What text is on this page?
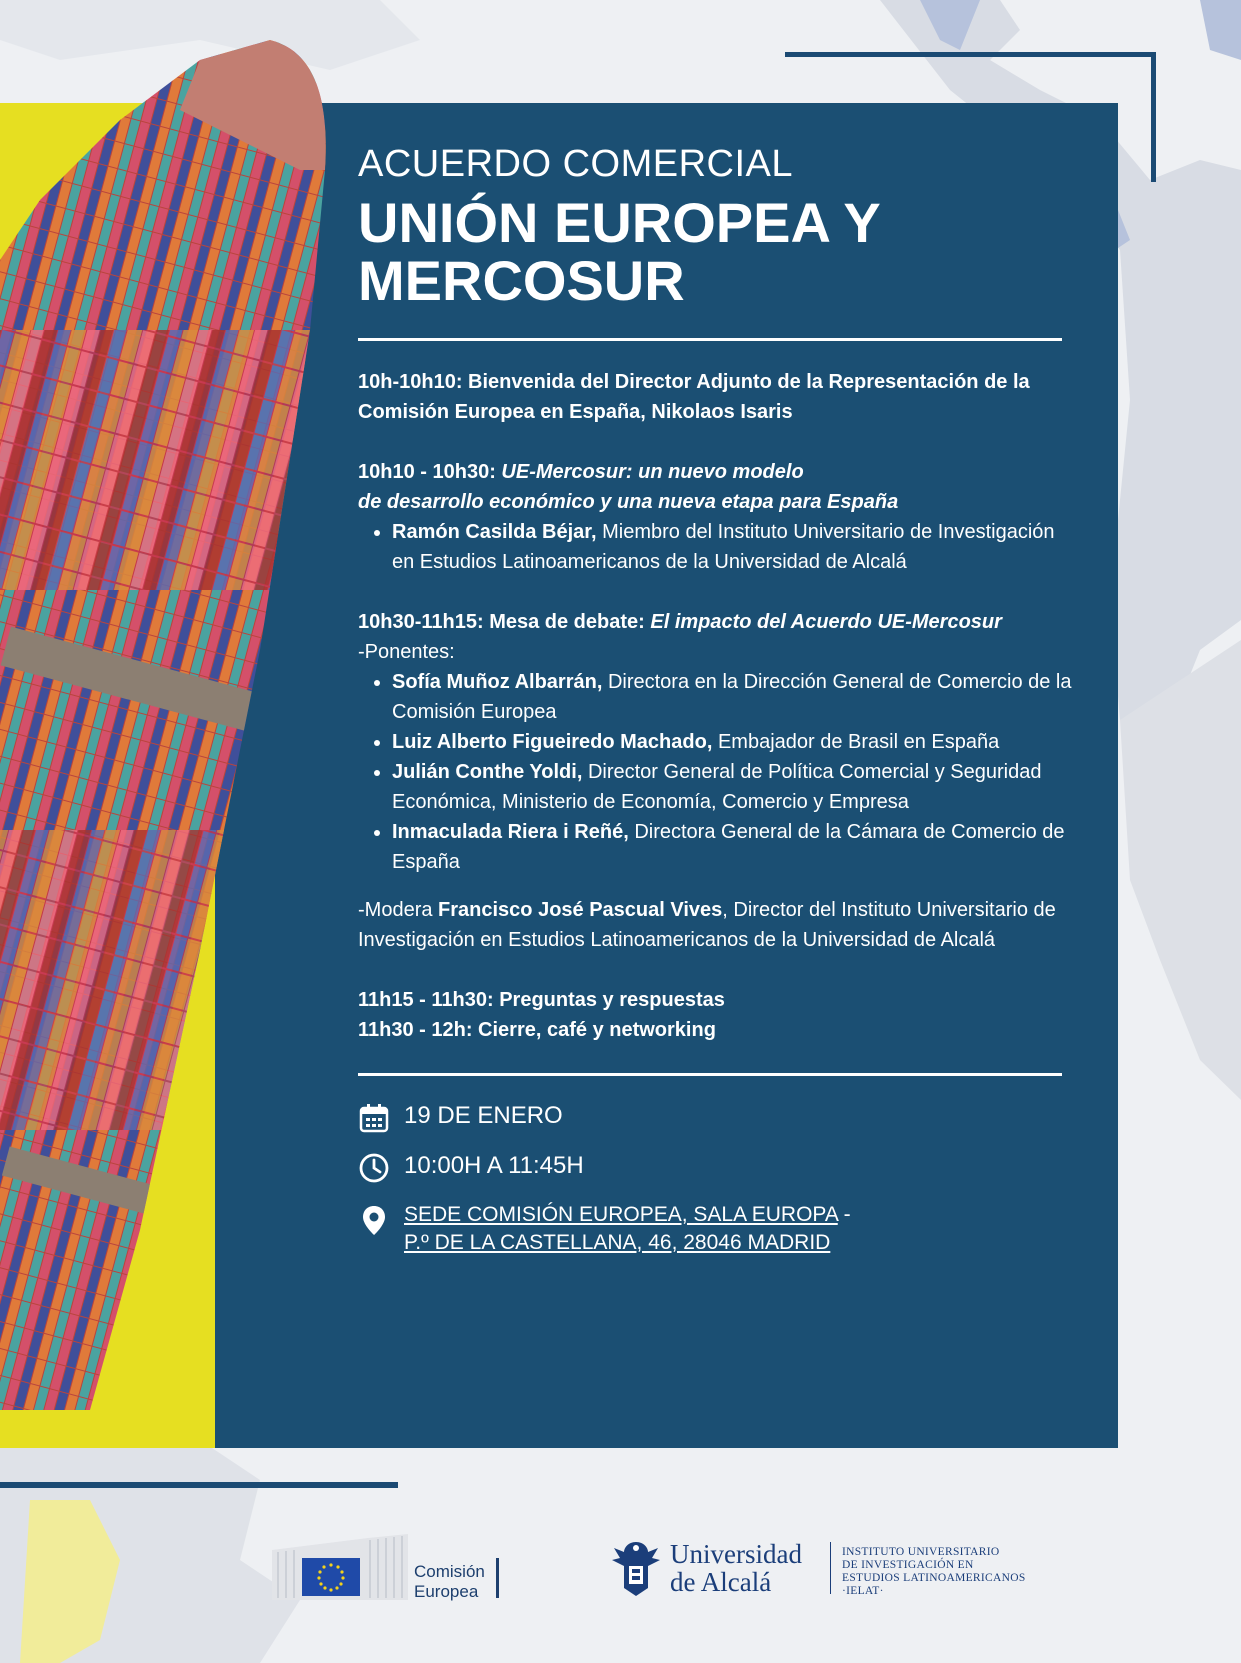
ACUERDO COMERCIAL
UNIÓN EUROPEA Y
MERCOSUR

10h-10h10: Bienvenida del Director Adjunto de la Representación de la Comisión Europea en España, Nikolaos Isaris

10h10 - 10h30: UE-Mercosur: un nuevo modelo
de desarrollo económico y una nueva etapa para España

• Ramón Casilda Béjar, Miembro del Instituto Universitario de Investigación en Estudios Latinoamericanos de la Universidad de Alcalá

10h30-11h15: Mesa de debate: El impacto del Acuerdo UE-Mercosur

-Ponentes:

• Sofía Muñoz Albarrán, Directora en la Dirección General de Comercio de la Comisión Europea
• Luiz Alberto Figueiredo Machado, Embajador de Brasil en España
• Julián Conthe Yoldi, Director General de Política Comercial y Seguridad Económica, Ministerio de Economía, Comercio y Empresa
• Inmaculada Riera i Reñé, Directora General de la Cámara de Comercio de España

-Modera Francisco José Pascual Vives, Director del Instituto Universitario de Investigación en Estudios Latinoamericanos de la Universidad de Alcalá

11h15 - 11h30: Preguntas y respuestas

11h30 - 12h: Cierre, café y networking

19 DE ENERO
10:00H A 11:45H
SEDE COMISIÓN EUROPEA, SALA EUROPA -
P.º DE LA CASTELLANA, 46, 28046 MADRID
Comisión
Europea
Universidad
de Alcalá
INSTITUTO UNIVERSITARIO
DE INVESTIGACIÓN EN
ESTUDIOS LATINOAMERICANOS
·IELAT·
